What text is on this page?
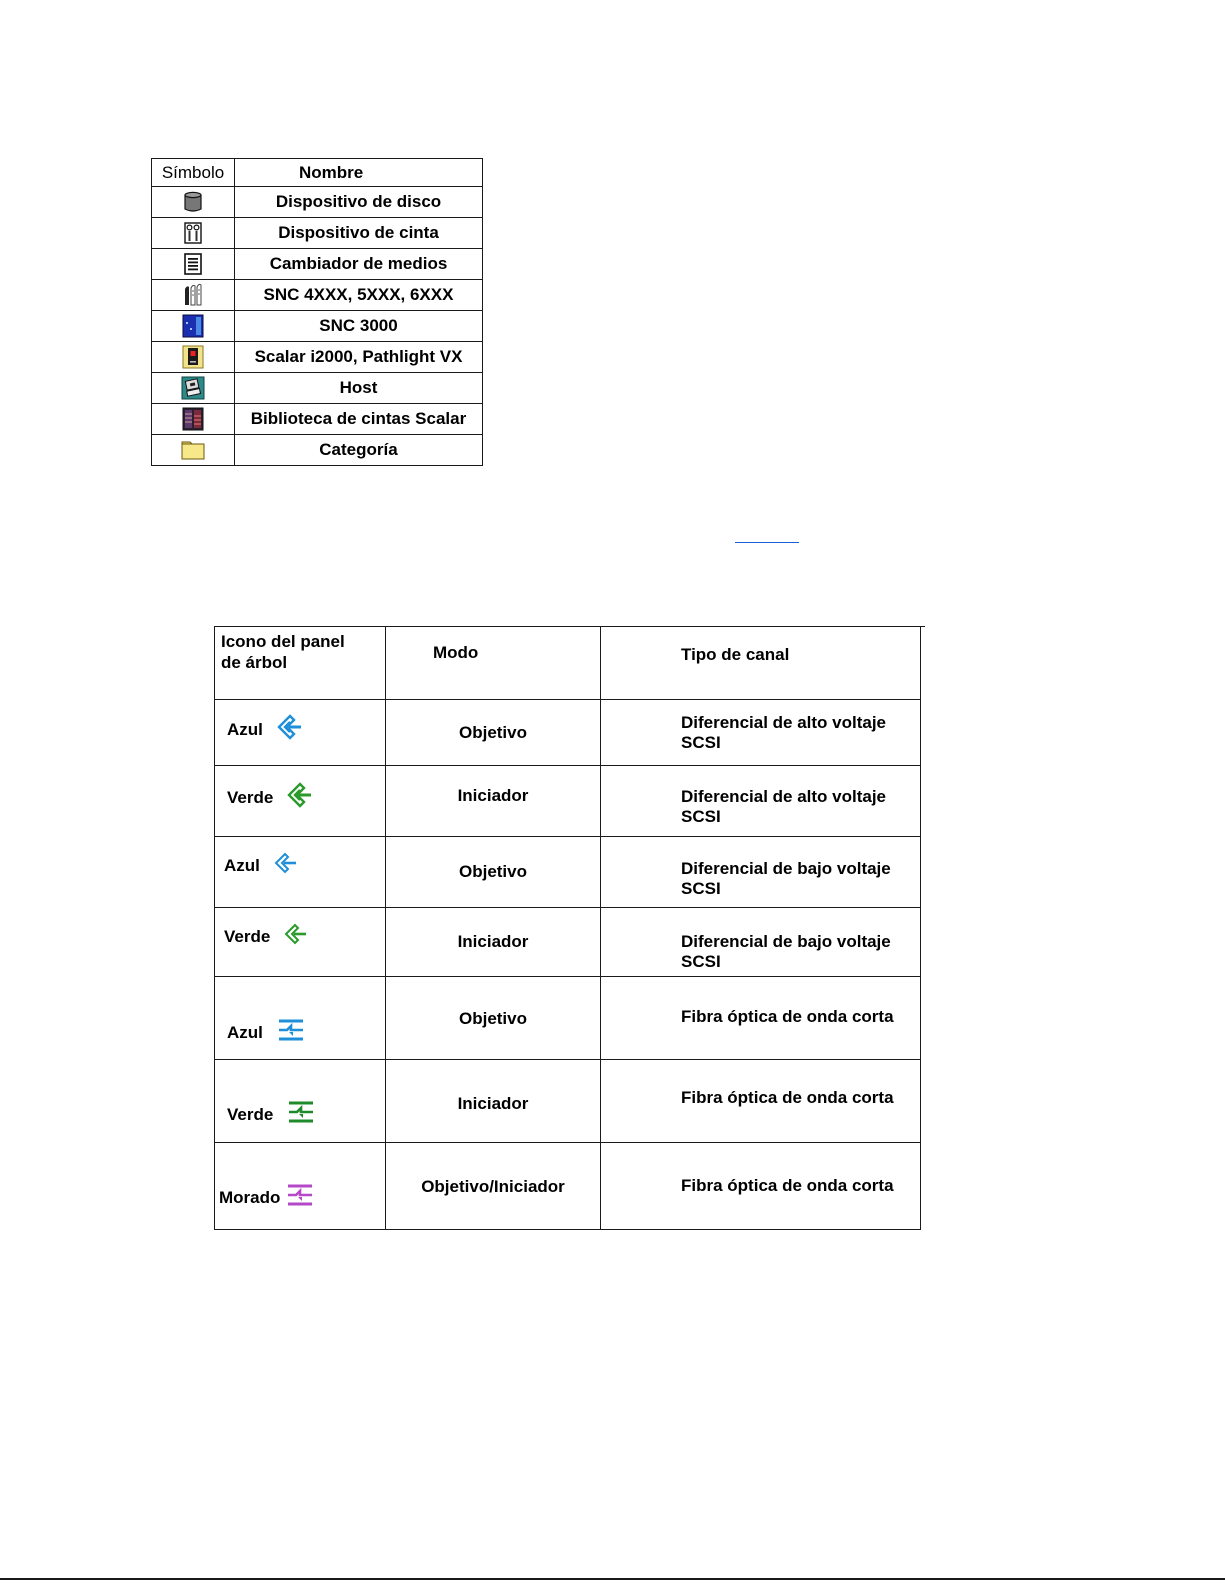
Símbolo	Nombre

	Dispositivo de disco

	Dispositivo de cinta

	Cambiador de medios

	SNC 4XXX, 5XXX, 6XXX

	SNC 3000

	Scalar i2000, Pathlight VX

	Host

	Biblioteca de cintas Scalar

	Categoría
Icono del panel
de árbol	Modo	Tipo de canal

Azul	Objetivo	Diferencial de alto voltaje SCSI

Verde	Iniciador	Diferencial de alto voltaje SCSI

Azul	Objetivo	Diferencial de bajo voltaje SCSI

Verde	Iniciador	Diferencial de bajo voltaje SCSI

Azul	Objetivo	Fibra óptica de onda corta

Verde	Iniciador	Fibra óptica de onda corta

Morado	Objetivo/Iniciador	Fibra óptica de onda corta
